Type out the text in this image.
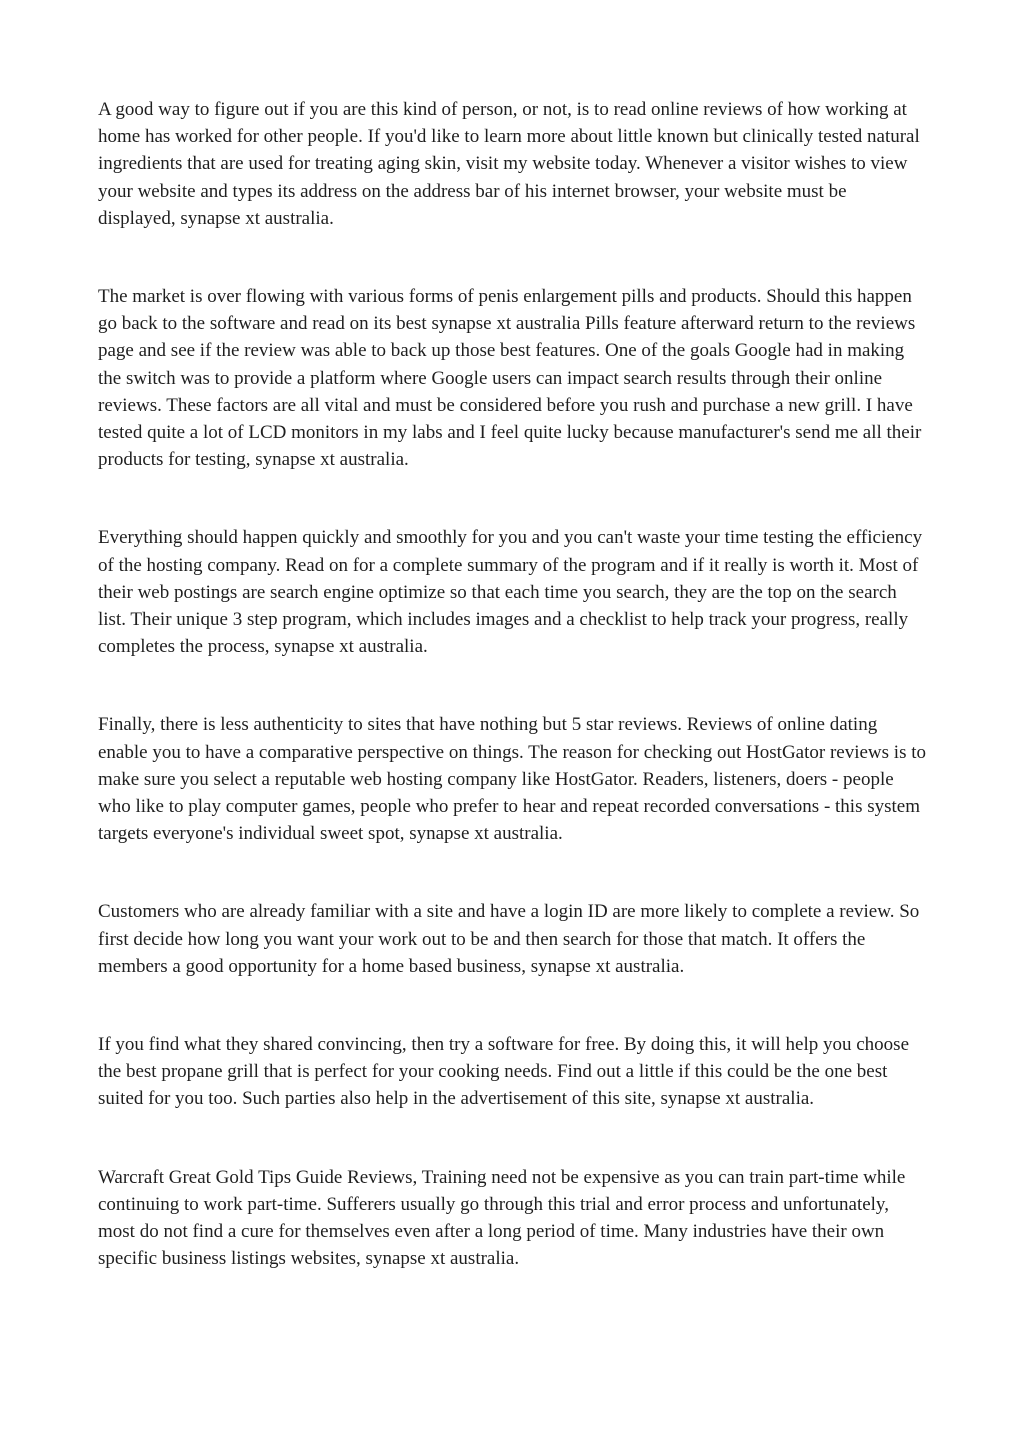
A good way to figure out if you are this kind of person, or not, is to read online reviews of how working at home has worked for other people. If you'd like to learn more about little known but clinically tested natural ingredients that are used for treating aging skin, visit my website today. Whenever a visitor wishes to view your website and types its address on the address bar of his internet browser, your website must be displayed, synapse xt australia.

The market is over flowing with various forms of penis enlargement pills and products. Should this happen go back to the software and read on its best synapse xt australia Pills feature afterward return to the reviews page and see if the review was able to back up those best features. One of the goals Google had in making the switch was to provide a platform where Google users can impact search results through their online reviews. These factors are all vital and must be considered before you rush and purchase a new grill. I have tested quite a lot of LCD monitors in my labs and I feel quite lucky because manufacturer's send me all their products for testing, synapse xt australia.

Everything should happen quickly and smoothly for you and you can't waste your time testing the efficiency of the hosting company. Read on for a complete summary of the program and if it really is worth it. Most of their web postings are search engine optimize so that each time you search, they are the top on the search list. Their unique 3 step program, which includes images and a checklist to help track your progress, really completes the process, synapse xt australia.

Finally, there is less authenticity to sites that have nothing but 5 star reviews. Reviews of online dating enable you to have a comparative perspective on things. The reason for checking out HostGator reviews is to make sure you select a reputable web hosting company like HostGator. Readers, listeners, doers - people who like to play computer games, people who prefer to hear and repeat recorded conversations - this system targets everyone's individual sweet spot, synapse xt australia.

Customers who are already familiar with a site and have a login ID are more likely to complete a review. So first decide how long you want your work out to be and then search for those that match. It offers the members a good opportunity for a home based business, synapse xt australia.

If you find what they shared convincing, then try a software for free. By doing this, it will help you choose the best propane grill that is perfect for your cooking needs. Find out a little if this could be the one best suited for you too. Such parties also help in the advertisement of this site, synapse xt australia.

Warcraft Great Gold Tips Guide Reviews, Training need not be expensive as you can train part-time while continuing to work part-time. Sufferers usually go through this trial and error process and unfortunately, most do not find a cure for themselves even after a long period of time. Many industries have their own specific business listings websites, synapse xt australia.
